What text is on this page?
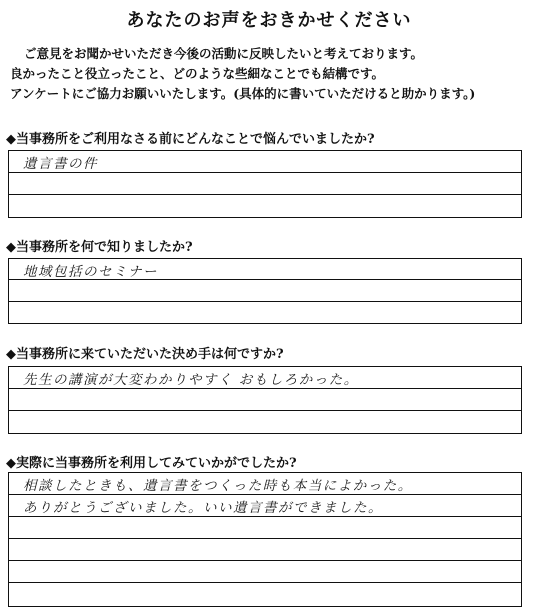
あなたのお声をおきかせください
ご意見をお聞かせいただき今後の活動に反映したいと考えております。
良かったこと役立ったこと、どのような些細なことでも結構です。
アンケートにご協力お願いいたします。(具体的に書いていただけると助かります。)
◆当事務所をご利用なさる前にどんなことで悩んでいましたか?
遺言書の件
◆当事務所を何で知りましたか?
地域包括のセミナー
◆当事務所に来ていただいた決め手は何ですか?
先生の講演が大変わかりやすく おもしろかった。
◆実際に当事務所を利用してみていかがでしたか?
相談したときも、遺言書をつくった時も本当によかった。
ありがとうございました。いい遺言書ができました。
